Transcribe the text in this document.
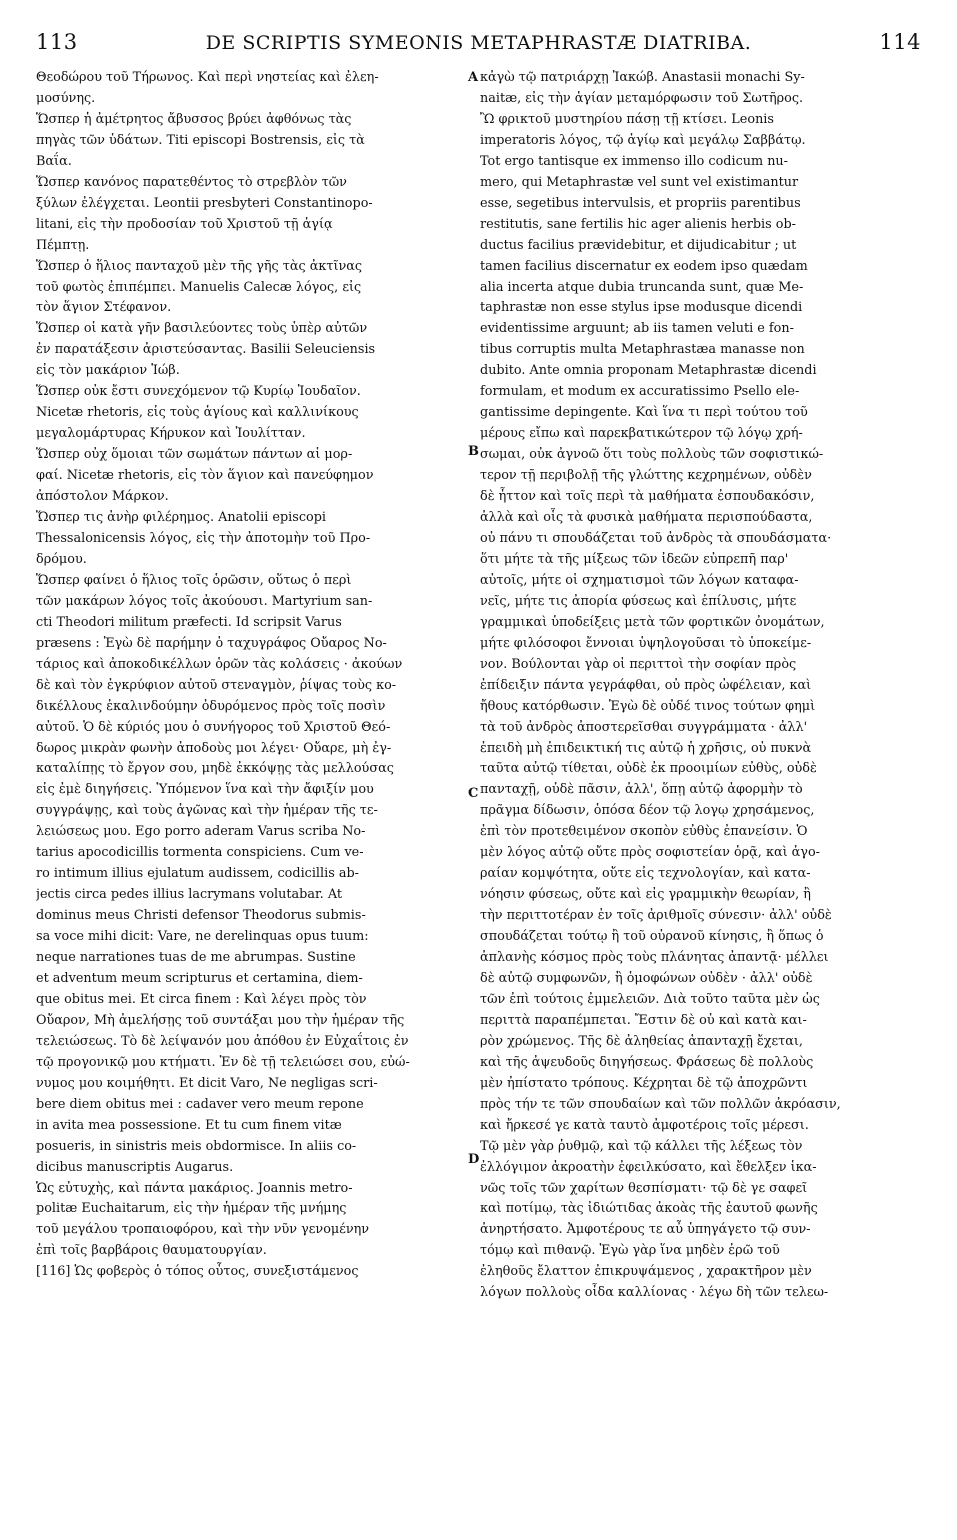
113	DE SCRIPTIS SYMEONIS METAPHRASTÆ DIATRIBA.	114
Θεοδώρου τοῦ Τήρωνος. Καὶ περὶ νηστείας καὶ ἐλεη-
μοσύνης.
Ὥσπερ ἡ ἀμέτρητος ἄβυσσος βρύει ἀφθόνως τὰς
πηγὰς τῶν ὑδάτων. Titi episcopi Bostrensis, εἰς τὰ
Βαΐα.
Ὥσπερ κανόνος παρατεθέντος τὸ στρεβλὸν τῶν
ξύλων ἐλέγχεται. Leontii presbyteri Constantinopo-
litani, εἰς τὴν προδοσίαν τοῦ Χριστοῦ τῇ ἁγίᾳ
Πέμπτῃ.
Ὥσπερ ὁ ἥλιος πανταχοῦ μὲν τῆς γῆς τὰς ἀκτῖνας
τοῦ φωτὸς ἐπιπέμπει. Manuelis Calecæ λόγος, εἰς
τὸν ἅγιον Στέφανον.
Ὥσπερ οἱ κατὰ γῆν βασιλεύοντες τοὺς ὑπὲρ αὐτῶν
ἐν παρατάξεσιν ἀριστεύσαντας. Basilii Seleuciensis
εἰς τὸν μακάριον Ἰώβ.
Ὥσπερ οὐκ ἔστι συνεχόμενον τῷ Κυρίῳ Ἰουδαῖον.
Nicetæ rhetoris, εἰς τοὺς ἁγίους καὶ καλλινίκους
μεγαλομάρτυρας Κήρυκον καὶ Ἰουλίτταν.
Ὥσπερ οὐχ ὅμοιαι τῶν σωμάτων πάντων αἱ μορ-
φαί. Nicetæ rhetoris, εἰς τὸν ἅγιον καὶ πανεύφημον
ἀπόστολον Μάρκον.
Ὥσπερ τις ἀνὴρ φιλέρημος. Anatolii episcopi
Thessalonicensis λόγος, εἰς τὴν ἀποτομὴν τοῦ Προ-
δρόμου.
Ὥσπερ φαίνει ὁ ἥλιος τοῖς ὁρῶσιν, οὕτως ὁ περὶ
τῶν μακάρων λόγος τοῖς ἀκούουσι. Martyrium san-
cti Theodori militum præfecti. Id scripsit Varus
præsens : Ἐγὼ δὲ παρήμην ὁ ταχυγράφος Οὔαρος Νο-
τάριος καὶ ἀποκοδικέλλων ὁρῶν τὰς κολάσεις · ἀκούων
δὲ καὶ τὸν ἐγκρύφιον αὐτοῦ στεναγμὸν, ῥίψας τοὺς κο-
δικέλλους ἐκαλινδούμην ὀδυρόμενος πρὸς τοῖς ποσὶν
αὐτοῦ. Ὁ δὲ κύριός μου ὁ συνήγορος τοῦ Χριστοῦ Θεό-
δωρος μικρὰν φωνὴν ἀποδοὺς μοι λέγει· Οὔαρε, μὴ ἐγ-
καταλίπῃς τὸ ἔργον σου, μηδὲ ἐκκόψῃς τὰς μελλούσας
εἰς ἐμὲ διηγήσεις. Ὑπόμενον ἵνα καὶ τὴν ἄφιξίν μου
συγγράψῃς, καὶ τοὺς ἀγῶνας καὶ τὴν ἡμέραν τῆς τε-
λειώσεως μου. Ego porro aderam Varus scriba No-
tarius apocodicillis tormenta conspiciens. Cum ve-
ro intimum illius ejulatum audissem, codicillis ab-
jectis circa pedes illius lacrymans volutabar. At
dominus meus Christi defensor Theodorus submis-
sa voce mihi dicit: Vare, ne derelinquas opus tuum:
neque narrationes tuas de me abrumpas. Sustine
et adventum meum scripturus et certamina, diem-
que obitus mei. Et circa finem : Καὶ λέγει πρὸς τὸν
Οὔαρον, Μὴ ἀμελήσῃς τοῦ συντάξαι μου τὴν ἡμέραν τῆς
τελειώσεως. Τὸ δὲ λείψανόν μου ἀπόθου ἐν Εὐχαΐτοις ἐν
τῷ προγονικῷ μου κτήματι. Ἐν δὲ τῇ τελειώσει σου, εὐώ-
νυμος μου κοιμήθητι. Et dicit Varo, Ne negligas scri-
bere diem obitus mei : cadaver vero meum repone
in avita mea possessione. Et tu cum finem vitæ
posueris, in sinistris meis obdormisce. In aliis co-
dicibus manuscriptis Augarus.
Ὡς εὐτυχὴς, καὶ πάντα μακάριος. Joannis metro-
politæ Euchaitarum, εἰς τὴν ἡμέραν τῆς μνήμης
τοῦ μεγάλου τροπαιοφόρου, καὶ τὴν νῦν γενομένην
ἐπὶ τοῖς βαρβάροις θαυματουργίαν.
[116] Ὡς φοβερὸς ὁ τόπος οὗτος, συνεξιστάμενος
κἀγὼ τῷ πατριάρχῃ Ἰακώβ. Anastasii monachi Sy-
naitæ, εἰς τὴν ἁγίαν μεταμόρφωσιν τοῦ Σωτῆρος.
Ὢ φρικτοῦ μυστηρίου πάσῃ τῇ κτίσει. Leonis
imperatoris λόγος, τῷ ἁγίῳ καὶ μεγάλῳ Σαββάτῳ.
Tot ergo tantisque ex immenso illo codicum nu-
mero, qui Metaphrastæ vel sunt vel existimantur
esse, segetibus intervulsis, et propriis parentibus
restitutis, sane fertilis hic ager alienis herbis ob-
ductus facilius prævidebitur, et dijudicabitur ; ut
tamen facilius discernatur ex eodem ipso quædam
alia incerta atque dubia truncanda sunt, quæ Me-
taphrastæ non esse stylus ipse modusque dicendi
evidentissime arguunt; ab iis tamen veluti e fon-
tibus corruptis multa Metaphrastæa manasse non
dubito. Ante omnia proponam Metaphrastæ dicendi
formulam, et modum ex accuratissimo Psello ele-
gantissime depingente. Καὶ ἵνα τι περὶ τούτου τοῦ
μέρους εἴπω καὶ παρεκβατικώτερον τῷ λόγῳ χρή-
σωμαι, οὐκ ἀγνοῶ ὅτι τοὺς πολλοὺς τῶν σοφιστικώ-
τερον τῇ περιβολῇ τῆς γλώττης κεχρημένων, οὐδὲν
δὲ ἧττον καὶ τοῖς περὶ τὰ μαθήματα ἐσπουδακόσιν,
ἀλλὰ καὶ οἷς τὰ φυσικὰ μαθήματα περισπούδαστα,
οὐ πάνυ τι σπουδάζεται τοῦ ἀνδρὸς τὰ σπουδάσματα·
ὅτι μήτε τὰ τῆς μίξεως τῶν ἰδεῶν εὐπρεπῆ παρ'
αὐτοῖς, μήτε οἱ σχηματισμοὶ τῶν λόγων καταφα-
νεῖς, μήτε τις ἀπορία φύσεως καὶ ἐπίλυσις, μήτε
γραμμικαὶ ὑποδείξεις μετὰ τῶν φορτικῶν ὀνομάτων,
μήτε φιλόσοφοι ἔννοιαι ὑψηλογοῦσαι τὸ ὑποκείμε-
νον. Βούλονται γὰρ οἱ περιττοὶ τὴν σοφίαν πρὸς
ἐπίδειξιν πάντα γεγράφθαι, οὐ πρὸς ὠφέλειαν, καὶ
ἤθους κατόρθωσιν. Ἐγὼ δὲ οὐδέ τινος τούτων φημὶ
τὰ τοῦ ἀνδρὸς ἀποστερεῖσθαι συγγράμματα · ἀλλ'
ἐπειδὴ μὴ ἐπιδεικτική τις αὐτῷ ἡ χρῆσις, οὐ πυκνὰ
ταῦτα αὐτῷ τίθεται, οὐδὲ ἐκ προοιμίων εὐθὺς, οὐδὲ
πανταχῇ, οὐδὲ πᾶσιν, ἀλλ', ὅπῃ αὐτῷ ἀφορμὴν τὸ
πρᾶγμα δίδωσιν, ὁπόσα δέον τῷ λογῳ χρησάμενος,
ἐπὶ τὸν προτεθειμένον σκοπὸν εὐθὺς ἐπανείσιν. Ὁ
μὲν λόγος αὐτῷ οὔτε πρὸς σοφιστείαν ὁρᾷ, καὶ ἀγο-
ραίαν κομψότητα, οὔτε εἰς τεχνολογίαν, καὶ κατα-
νόησιν φύσεως, οὔτε καὶ εἰς γραμμικὴν θεωρίαν, ἢ
τὴν περιττοτέραν ἐν τοῖς ἀριθμοῖς σύνεσιν· ἀλλ' οὐδὲ
σπουδάζεται τούτῳ ἢ τοῦ οὐρανοῦ κίνησις, ἢ ὅπως ὁ
ἀπλανὴς κόσμος πρὸς τοὺς πλάνητας ἀπαντᾷ· μέλλει
δὲ αὐτῷ συμφωνῶν, ἢ ὁμοφώνων οὐδὲν · ἀλλ' οὐδὲ
τῶν ἐπὶ τούτοις ἐμμελειῶν. Διὰ τοῦτο ταῦτα μὲν ὡς
περιττὰ παραπέμπεται. Ἔστιν δὲ οὐ καὶ κατὰ και-
ρὸν χρώμενος. Τῆς δὲ ἀληθείας ἁπανταχῇ ἔχεται,
καὶ τῆς ἀψευδοῦς διηγήσεως. Φράσεως δὲ πολλοὺς
μὲν ἠπίστατο τρόπους. Κέχρηται δὲ τῷ ἀποχρῶντι
πρὸς τήν τε τῶν σπουδαίων καὶ τῶν πολλῶν ἀκρόασιν,
καὶ ἤρκεσέ γε κατὰ ταυτὸ ἀμφοτέροις τοῖς μέρεσι.
Τῷ μὲν γὰρ ῥυθμῷ, καὶ τῷ κάλλει τῆς λέξεως τὸν
ἐλλόγιμον ἀκροατὴν ἐφειλκύσατο, καὶ ἔθελξεν ἱκα-
νῶς τοῖς τῶν χαρίτων θεσπίσματι· τῷ δὲ γε σαφεῖ
καὶ ποτίμῳ, τὰς ἰδιώτιδας ἀκοὰς τῆς ἐαυτοῦ φωνῆς
ἀνηρτήσατο. Ἀμφοτέρους τε αὖ ὑπηγάγετο τῷ συν-
τόμῳ καὶ πιθανῷ. Ἐγὼ γὰρ ἵνα μηδὲν ἐρῶ τοῦ
ἐληθοῦς ἔλαττον ἐπικρυψάμενος , χαρακτῆρον μὲν
λόγων πολλοὺς οἶδα καλλίονας · λέγω δὴ τῶν τελεω-
A
B
C
D
